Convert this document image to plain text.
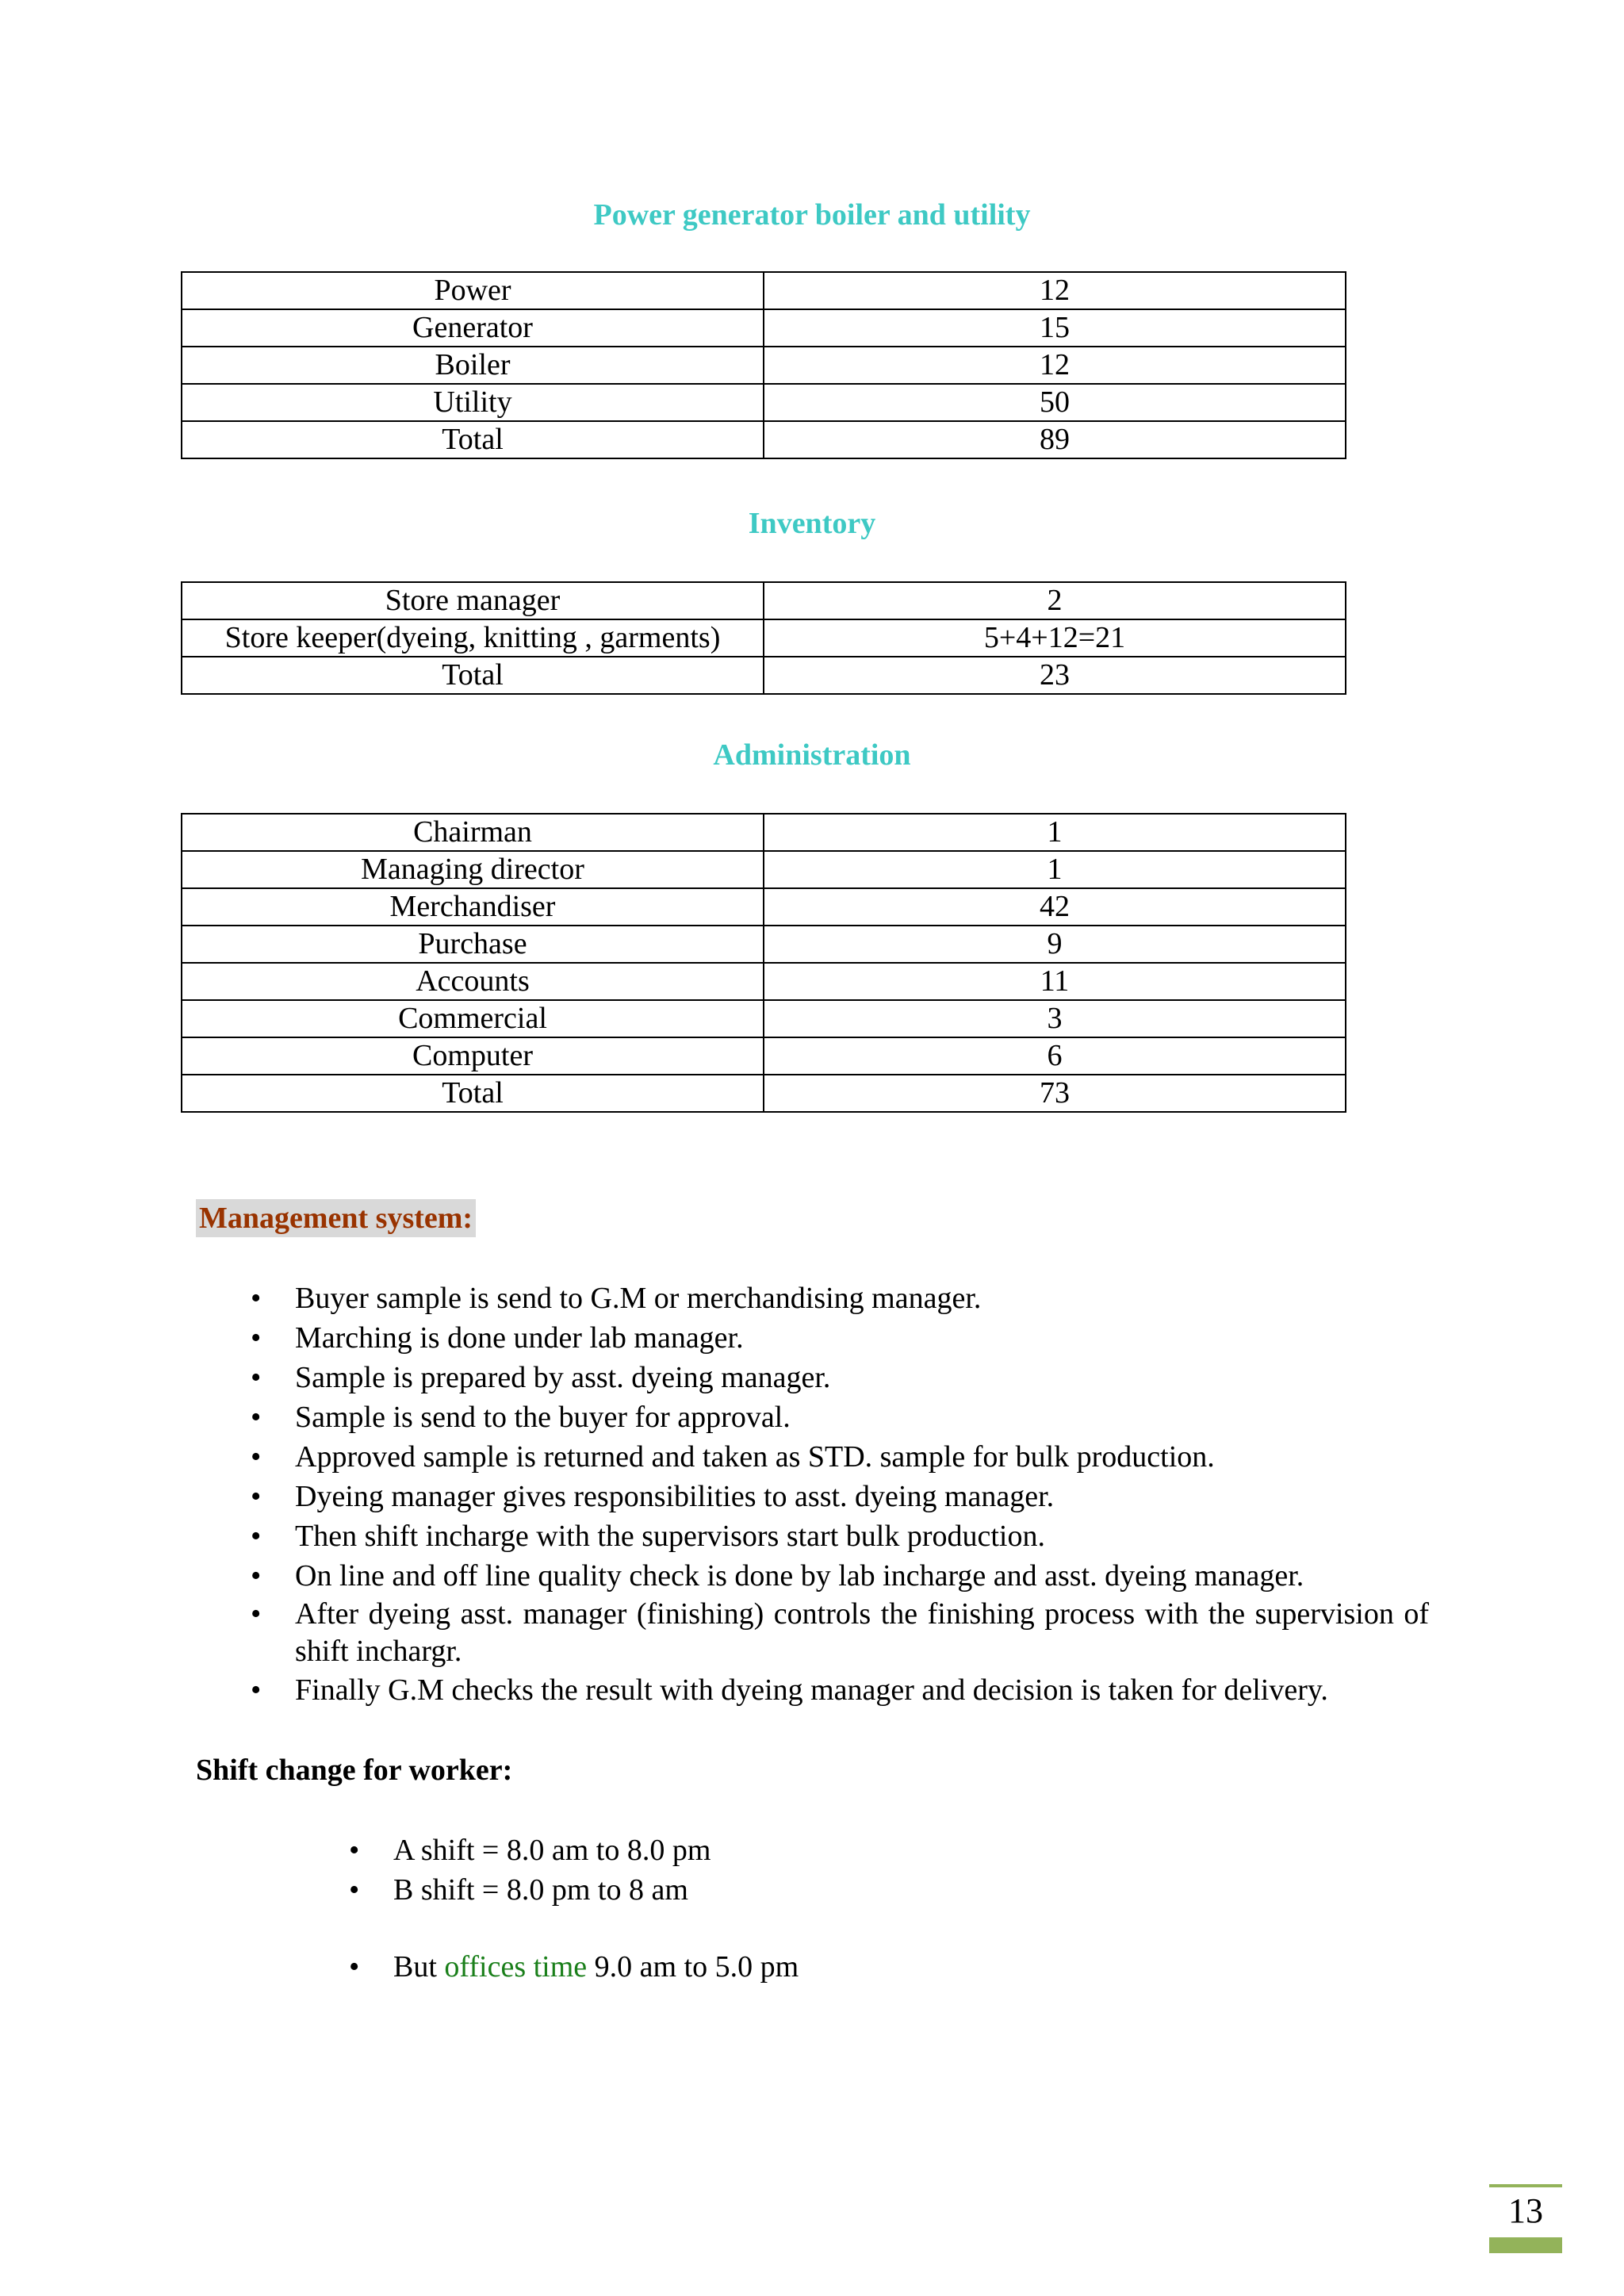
Power generator boiler and utility
Power	12
Generator	15
Boiler	12
Utility	50
Total	89
Inventory
Store manager	2
Store keeper(dyeing, knitting , garments)	5+4+12=21
Total	23
Administration
Chairman	1
Managing director	1
Merchandiser	42
Purchase	9
Accounts	11
Commercial	3
Computer	6
Total	73
Management system:
• Buyer sample is send to G.M or merchandising manager.
• Marching is done under lab manager.
• Sample is prepared by asst. dyeing manager.
• Sample is send to the buyer for approval.
• Approved sample is returned and taken as STD. sample for bulk production.
• Dyeing manager gives responsibilities to asst. dyeing manager.
• Then shift incharge with the supervisors start bulk production.
• On line and off line quality check is done by lab incharge and asst. dyeing manager.
• After dyeing asst. manager (finishing) controls the finishing process with the supervision of shift inchargr.
• Finally G.M checks the result with dyeing manager and decision is taken for delivery.
Shift change for worker:
• A shift = 8.0 am to 8.0 pm
• B shift = 8.0 pm to 8 am
• But offices time 9.0 am to 5.0 pm
13
